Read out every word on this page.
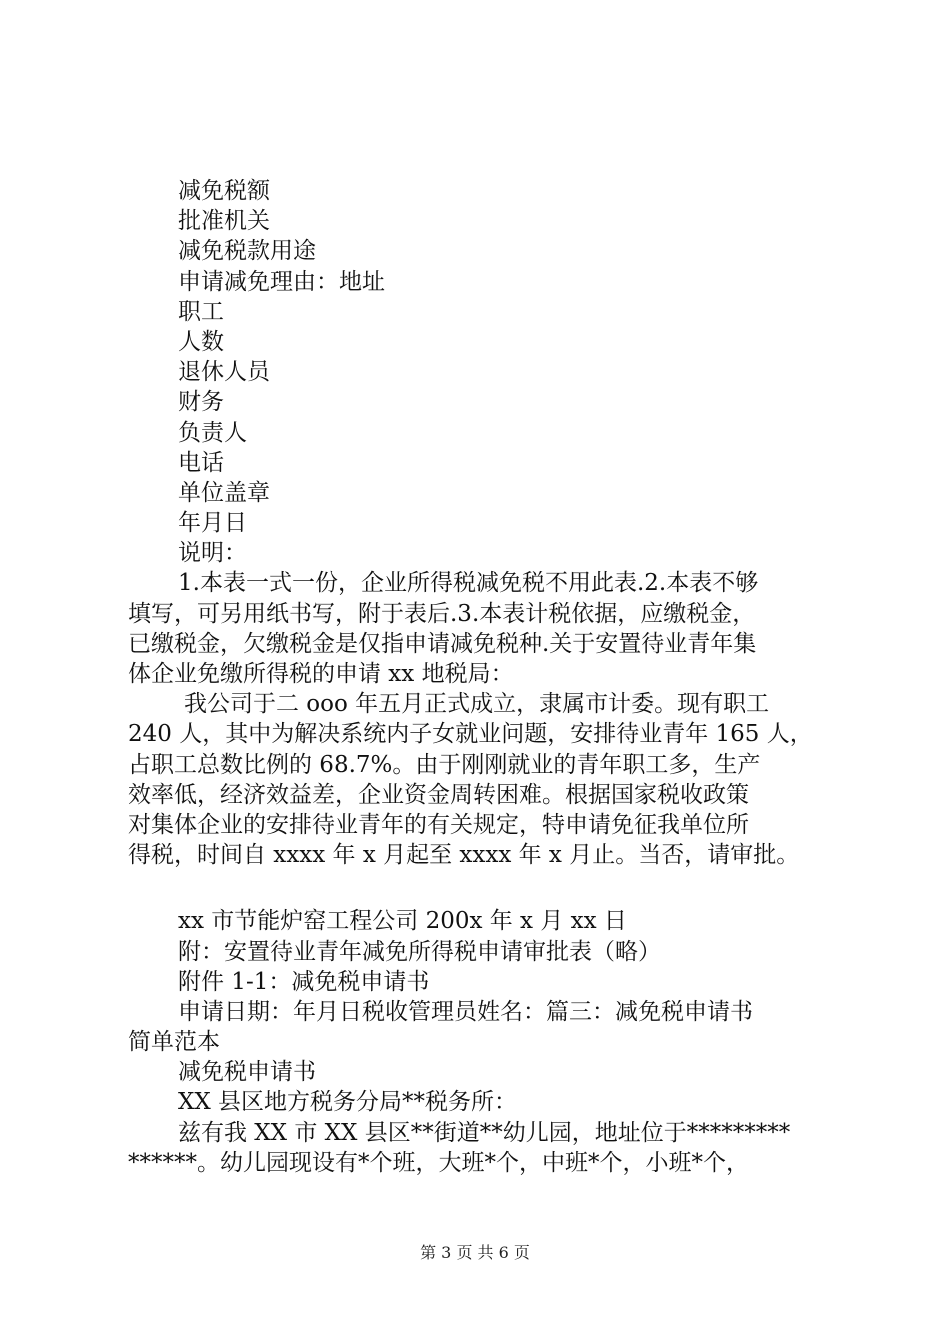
减免税额
批准机关
减免税款用途
申请减免理由：地址
职工
人数
退休人员
财务
负责人
电话
单位盖章
年月日
说明：
1.本表一式一份，企业所得税减免税不用此表.2.本表不够
填写，可另用纸书写，附于表后.3.本表计税依据，应缴税金，
已缴税金，欠缴税金是仅指申请减免税种.关于安置待业青年集
体企业免缴所得税的申请 xx 地税局：
我公司于二 ooo 年五月正式成立，隶属市计委。现有职工
240 人，其中为解决系统内子女就业问题，安排待业青年 165 人，
占职工总数比例的 68.7%。由于刚刚就业的青年职工多，生产
效率低，经济效益差，企业资金周转困难。根据国家税收政策
对集体企业的安排待业青年的有关规定，特申请免征我单位所
得税，时间自 xxxx 年 x 月起至 xxxx 年 x 月止。当否，请审批。
xx 市节能炉窑工程公司 200x 年 x 月 xx 日
附：安置待业青年减免所得税申请审批表（略）
附件 1-1：减免税申请书
申请日期：年月日税收管理员姓名：篇三：减免税申请书
简单范本
减免税申请书
XX 县区地方税务分局**税务所：
兹有我 XX 市 XX 县区**街道**幼儿园，地址位于*********
******。幼儿园现设有*个班，大班*个，中班*个，小班*个，
第 3 页 共 6 页
